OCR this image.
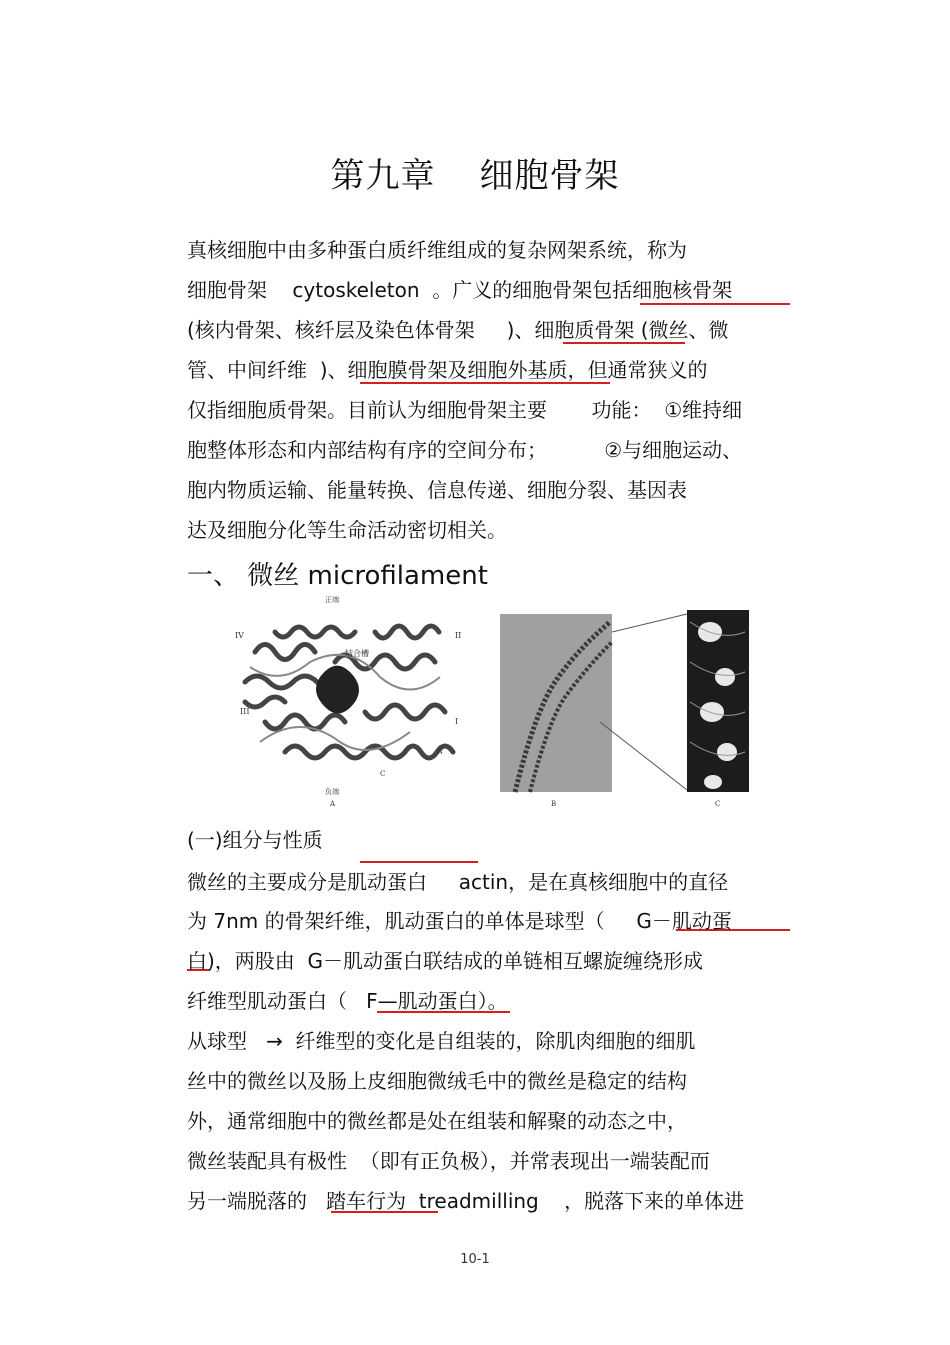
第九章 细胞骨架
真核细胞中由多种蛋白质纤维组成的复杂网架系统，称为
细胞骨架    cytoskeleton  。广义的细胞骨架包括细胞核骨架
(核内骨架、核纤层及染色体骨架     )、细胞质骨架 (微丝、微
管、中间纤维  )、细胞膜骨架及细胞外基质，但通常狭义的
仅指细胞质骨架。目前认为细胞骨架主要       功能：  ①维持细
胞整体形态和内部结构有序的空间分布；         ②与细胞运动、
胞内物质运输、能量转换、信息传递、细胞分裂、基因表
达及细胞分化等生命活动密切相关。
一、 微丝 microfilament
正端
结合槽
IV	II
III
I
C
N
负端
A	B	C
(一)组分与性质
微丝的主要成分是肌动蛋白     actin，是在真核细胞中的直径
为 7nm 的骨架纤维，肌动蛋白的单体是球型（     G－肌动蛋
白)，两股由  G－肌动蛋白联结成的单链相互螺旋缠绕形成
纤维型肌动蛋白（   F—肌动蛋白）。
从球型   →  纤维型的变化是自组装的，除肌肉细胞的细肌
丝中的微丝以及肠上皮细胞微绒毛中的微丝是稳定的结构
外，通常细胞中的微丝都是处在组装和解聚的动态之中，
微丝装配具有极性  （即有正负极），并常表现出一端装配而
另一端脱落的   踏车行为  treadmilling    ，脱落下来的单体进
10-1
